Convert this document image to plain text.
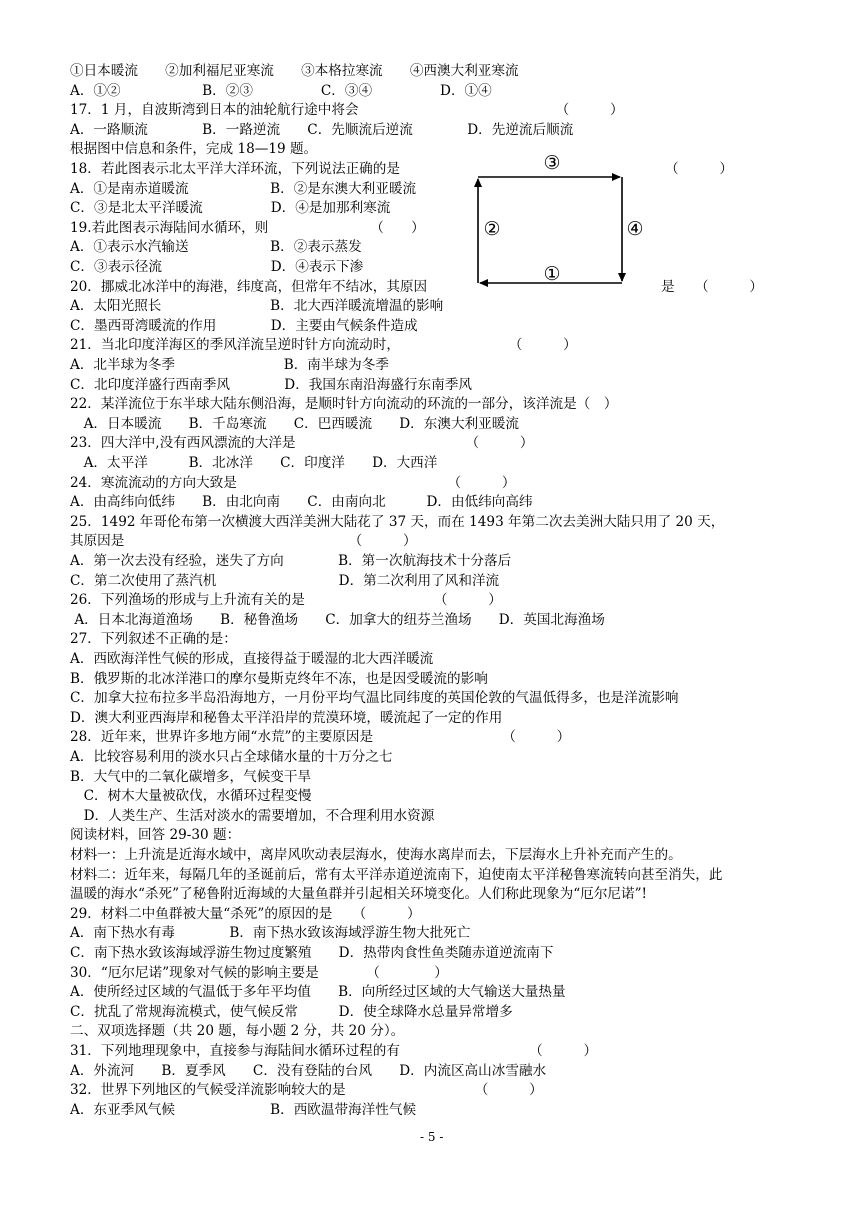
①日本暖流　　②加利福尼亚寒流　　③本格拉寒流　　④西澳大利亚寒流
A．①②　　　　　　B．②③　　　　　C．③④　　　　　D．①④
17．1 月，自波斯湾到日本的油轮航行途中将会　　　　　　　　　　　　　　　（　　　）
A．一路顺流　　　　B．一路逆流　　C．先顺流后逆流　　　　D．先逆流后顺流
根据图中信息和条件，完成 18—19 题。
18．若此图表示北太平洋大洋环流，下列说法正确的是	（　　　）
A．①是南赤道暖流　　　　　　B．②是东澳大利亚暖流
C．③是北太平洋暖流　　　　　D．④是加那利寒流
19.若此图表示海陆间水循环，则　　　　　　　　（　　）
A．①表示水汽输送　　　　　　B．②表示蒸发
C．③表示径流　　　　　　　　D．④表示下渗
20．挪威北冰洋中的海港，纬度高，但常年不结冰，其原因	是　　（　　　）
A．太阳光照长　　　　　　　　B．北大西洋暖流增温的影响
C．墨西哥湾暖流的作用　　　　D．主要由气候条件造成
21．当北印度洋海区的季风洋流呈逆时针方向流动时，　　　　　　　　　（　　　）
A．北半球为冬季　　　　　　　　B．南半球为冬季
C．北印度洋盛行西南季风　　　　D．我国东南沿海盛行东南季风
22．某洋流位于东半球大陆东侧沿海，是顺时针方向流动的环流的一部分，该洋流是（　）
　A．日本暖流　　B．千岛寒流　　C．巴西暖流　　D．东澳大利亚暖流
23．四大洋中,没有西风漂流的大洋是　　　　　　　　　　　　　（　　　）
　A．太平洋　　　B．北冰洋　　C．印度洋　　D．大西洋
24．寒流流动的方向大致是　　　　　　　　　　　　　　　　（　　　）
A．由高纬向低纬　　B．由北向南　　C．由南向北　　　D．由低纬向高纬
25．1492 年哥伦布第一次横渡大西洋美洲大陆花了 37 天，而在 1493 年第二次去美洲大陆只用了 20 天，
其原因是　　　　　　　　　　　　　　　　　（　　　）
A．第一次去没有经验，迷失了方向　　　　B．第一次航海技术十分落后
C．第二次使用了蒸汽机　　　　　　　　　D．第二次利用了风和洋流
26．下列渔场的形成与上升流有关的是　　　　　　　　　　（　　　）
A．日本北海道渔场　　B．秘鲁渔场　　C．加拿大的纽芬兰渔场　　D．英国北海渔场
27．下列叙述不正确的是：
A．西欧海洋性气候的形成，直接得益于暖湿的北大西洋暖流
B．俄罗斯的北冰洋港口的摩尔曼斯克终年不冻，也是因受暖流的影响
C．加拿大拉布拉多半岛沿海地方，一月份平均气温比同纬度的英国伦敦的气温低得多，也是洋流影响
D．澳大利亚西海岸和秘鲁太平洋沿岸的荒漠环境，暖流起了一定的作用
28．近年来，世界许多地方闹“水荒”的主要原因是　　　　　　　　　　（　　　）
A．比较容易利用的淡水只占全球储水量的十万分之七
B．大气中的二氧化碳增多，气候变干旱
　C．树木大量被砍伐，水循环过程变慢
　D．人类生产、生活对淡水的需要增加，不合理利用水资源
阅读材料，回答 29-30 题：
材料一：上升流是近海水域中，离岸风吹动表层海水，使海水离岸而去，下层海水上升补充而产生的。
材料二：近年来，每隔几年的圣诞前后，常有太平洋赤道逆流南下，迫使南太平洋秘鲁寒流转向甚至消失，此
温暖的海水“杀死”了秘鲁附近海域的大量鱼群并引起相关环境变化。人们称此现象为“厄尔尼诺”!
29．材料二中鱼群被大量“杀死”的原因的是　　（　　　）
A．南下热水有毒　　　　B．南下热水致该海域浮游生物大批死亡
C．南下热水致该海域浮游生物过度繁殖　　D．热带肉食性鱼类随赤道逆流南下
30．“厄尔尼诺”现象对气候的影响主要是　　　　（　　　　）
A．使所经过区域的气温低于多年平均值　　B．向所经过区域的大气输送大量热量
C．扰乱了常规海流模式，使气候反常　　　D．使全球降水总量异常增多
二、双项选择题（共 20 题，每小题 2 分，共 20 分）。
31．下列地理现象中，直接参与海陆间水循环过程的有　　　　　　　　　　（　　　）
A．外流河　　B．夏季风　　C．没有登陆的台风　　D．内流区高山冰雪融水
32．世界下列地区的气候受洋流影响较大的是　　　　　　　　　　（　　　）
A．东亚季风气候　　　　　　　B．西欧温带海洋性气候
③
②	④
①
- 5 -
